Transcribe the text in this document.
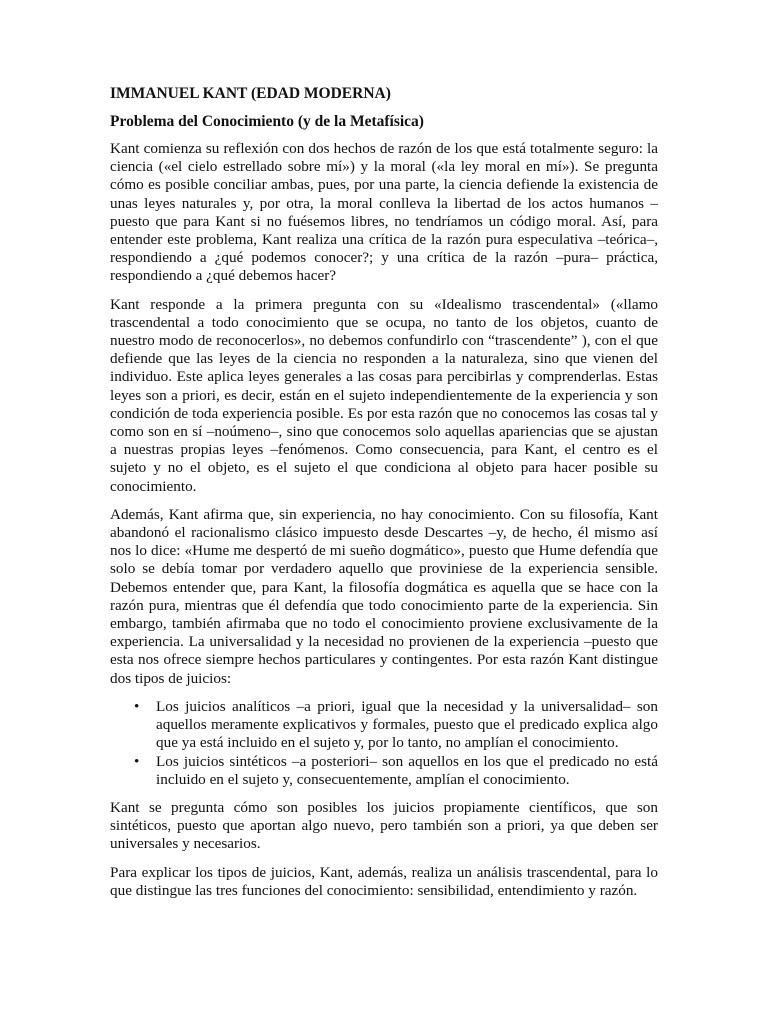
IMMANUEL KANT (EDAD MODERNA)
Problema del Conocimiento (y de la Metafísica)

Kant comienza su reflexión con dos hechos de razón de los que está totalmente seguro: la ciencia («el cielo estrellado sobre mí») y la moral («la ley moral en mí»). Se pregunta cómo es posible conciliar ambas, pues, por una parte, la ciencia defiende la existencia de unas leyes naturales y, por otra, la moral conlleva la libertad de los actos humanos –puesto que para Kant si no fuésemos libres, no tendríamos un código moral. Así, para entender este problema, Kant realiza una crítica de la razón pura especulativa –teórica–, respondiendo a ¿qué podemos conocer?; y una crítica de la razón –pura– práctica, respondiendo a ¿qué debemos hacer?

Kant responde a la primera pregunta con su «Idealismo trascendental» («llamo trascendental a todo conocimiento que se ocupa, no tanto de los objetos, cuanto de nuestro modo de reconocerlos», no debemos confundirlo con “trascendente” ), con el que defiende que las leyes de la ciencia no responden a la naturaleza, sino que vienen del individuo. Este aplica leyes generales a las cosas para percibirlas y comprenderlas. Estas leyes son a priori, es decir, están en el sujeto independientemente de la experiencia y son condición de toda experiencia posible. Es por esta razón que no conocemos las cosas tal y como son en sí –noúmeno–, sino que conocemos solo aquellas apariencias que se ajustan a nuestras propias leyes –fenómenos. Como consecuencia, para Kant, el centro es el sujeto y no el objeto, es el sujeto el que condiciona al objeto para hacer posible su conocimiento.

Además, Kant afirma que, sin experiencia, no hay conocimiento. Con su filosofía, Kant abandonó el racionalismo clásico impuesto desde Descartes –y, de hecho, él mismo así nos lo dice: «Hume me despertó de mi sueño dogmático», puesto que Hume defendía que solo se debía tomar por verdadero aquello que proviniese de la experiencia sensible. Debemos entender que, para Kant, la filosofía dogmática es aquella que se hace con la razón pura, mientras que él defendía que todo conocimiento parte de la experiencia. Sin embargo, también afirmaba que no todo el conocimiento proviene exclusivamente de la experiencia. La universalidad y la necesidad no provienen de la experiencia –puesto que esta nos ofrece siempre hechos particulares y contingentes. Por esta razón Kant distingue dos tipos de juicios:

• Los juicios analíticos –a priori, igual que la necesidad y la universalidad– son aquellos meramente explicativos y formales, puesto que el predicado explica algo que ya está incluido en el sujeto y, por lo tanto, no amplían el conocimiento.
• Los juicios sintéticos –a posteriori– son aquellos en los que el predicado no está incluido en el sujeto y, consecuentemente, amplían el conocimiento.

Kant se pregunta cómo son posibles los juicios propiamente científicos, que son sintéticos, puesto que aportan algo nuevo, pero también son a priori, ya que deben ser universales y necesarios.

Para explicar los tipos de juicios, Kant, además, realiza un análisis trascendental, para lo que distingue las tres funciones del conocimiento: sensibilidad, entendimiento y razón.
